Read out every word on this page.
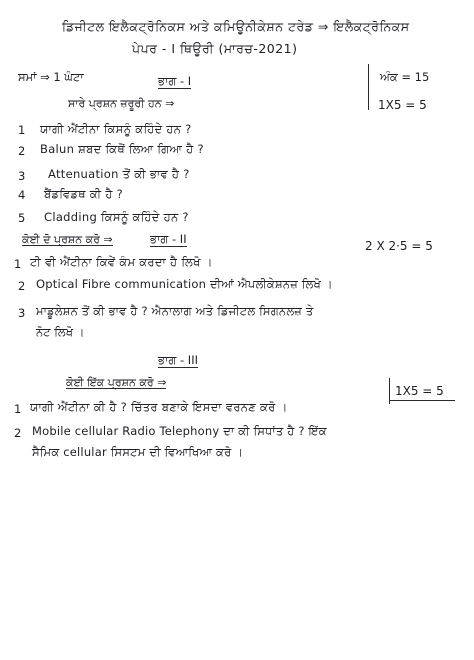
ਡਿਜੀਟਲ ਇਲੈਕਟ੍ਰੋਨਿਕਸ ਅਤੇ ਕਮਿਊਨੀਕੇਸ਼ਨ ਟਰੇਡ ⇒ ਇਲੈਕਟ੍ਰੋਨਿਕਸ
ਪੇਪਰ - I ਥਿਊਰੀ (ਮਾਰਚ-2021)
ਸਮਾਂ ⇒ 1 ਘੰਟਾ	ਅੰਕ = 15
ਭਾਗ - I
ਸਾਰੇ ਪ੍ਰਸ਼ਨ ਜ਼ਰੂਰੀ ਹਨ ⇒	1X5 = 5
1 ਯਾਗੀ ਐਂਟੀਨਾ ਕਿਸਨੂੰ ਕਹਿੰਦੇ ਹਨ ?
2 Balun ਸ਼ਬਦ ਕਿਥੋਂ ਲਿਆ ਗਿਆ ਹੈ ?
3 Attenuation ਤੋਂ ਕੀ ਭਾਵ ਹੈ ?
4 ਬੈਂਡਵਿਡਥ ਕੀ ਹੈ ?
5 Cladding ਕਿਸਨੂੰ ਕਹਿੰਦੇ ਹਨ ?
ਕੋਈ ਦੋ ਪ੍ਰਸ਼ਨ ਕਰੋ ⇒	ਭਾਗ - II	2 X 2·5 = 5
1 ਟੀ ਵੀ ਐਂਟੀਨਾ ਕਿਵੇਂ ਕੰਮ ਕਰਦਾ ਹੈ ਲਿਖੋ ।
2 Optical Fibre communication ਦੀਆਂ ਐਪਲੀਕੇਸ਼ਨਜ਼ ਲਿਖੋ ।
3 ਮਾਡੂਲੇਸ਼ਨ ਤੋਂ ਕੀ ਭਾਵ ਹੈ ? ਐਨਾਲਾਗ ਅਤੇ ਡਿਜੀਟਲ ਸਿਗਨਲਜ਼ ਤੇ
ਨੋਟ ਲਿਖੋ ।
ਭਾਗ - III
ਕੋਈ ਇੱਕ ਪ੍ਰਸ਼ਨ ਕਰੋ ⇒
1X5 = 5
1 ਯਾਗੀ ਐਂਟੀਨਾ ਕੀ ਹੈ ? ਚਿੱਤਰ ਬਣਾਕੇ ਇਸਦਾ ਵਰਨਣ ਕਰੋ ।
2 Mobile cellular Radio Telephony ਦਾ ਕੀ ਸਿਧਾਂਤ ਹੈ ? ਇੱਕ
ਸੈਮਿਕ cellular ਸਿਸਟਮ ਦੀ ਵਿਆਖਿਆ ਕਰੋ ।
